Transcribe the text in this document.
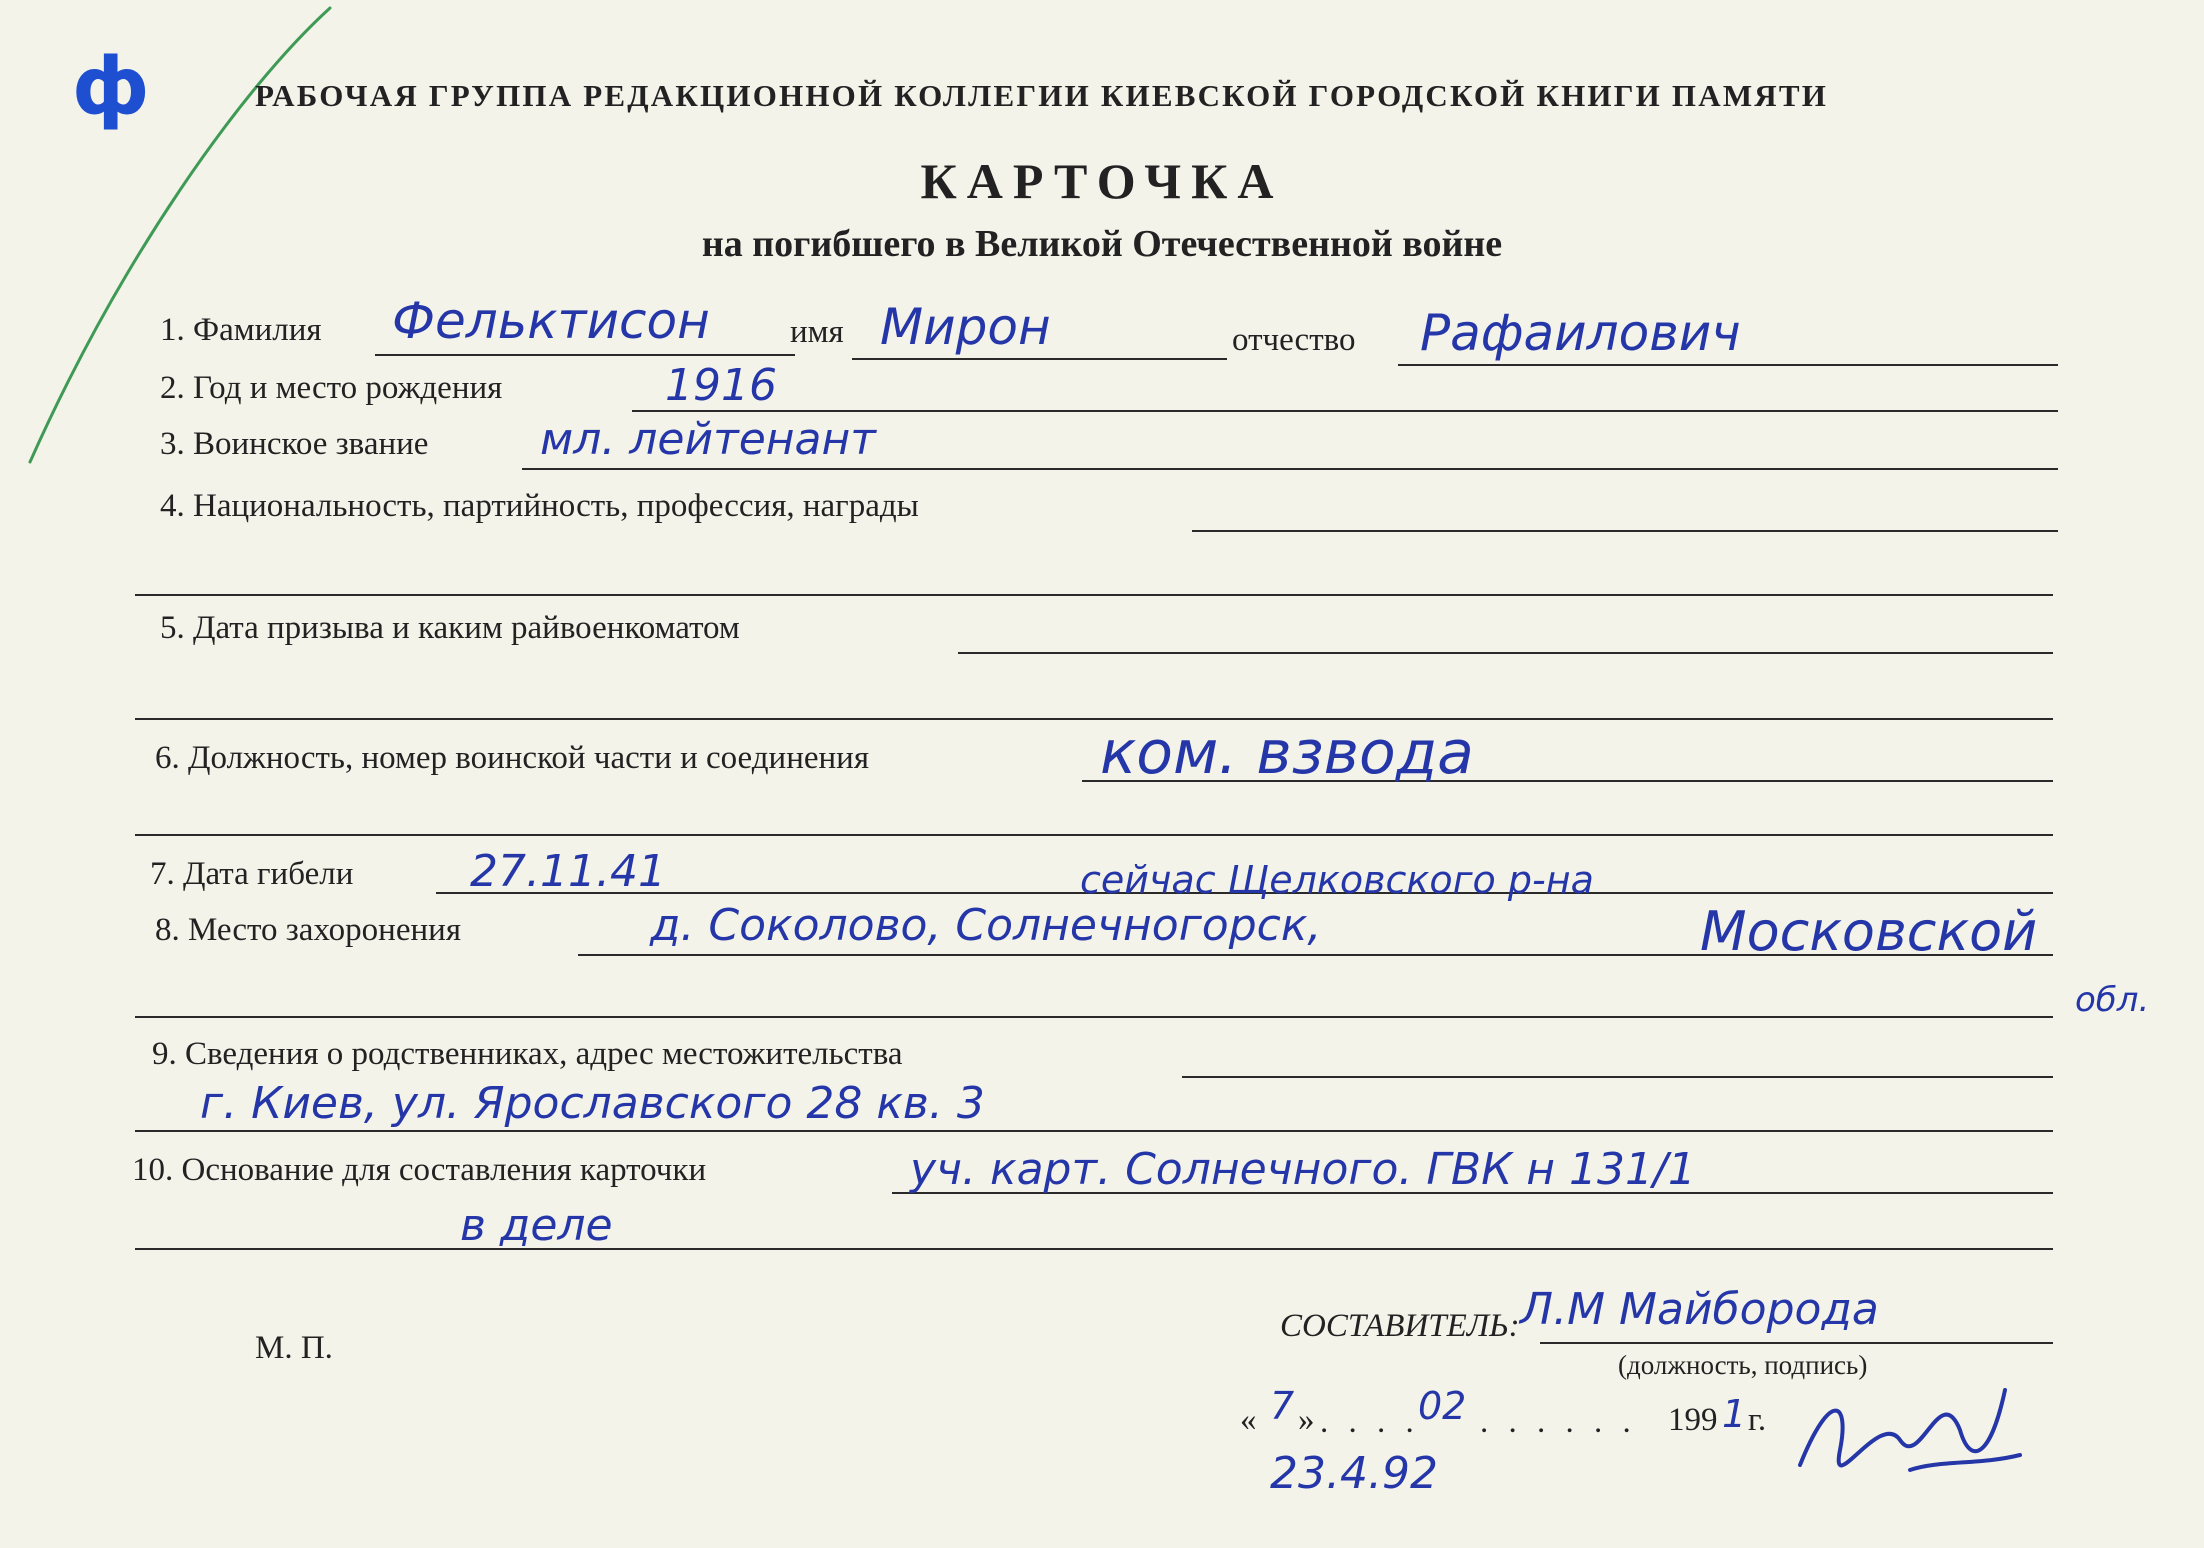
ф	РАБОЧАЯ ГРУППА РЕДАКЦИОННОЙ КОЛЛЕГИИ КИЕВСКОЙ ГОРОДСКОЙ КНИГИ ПАМЯТИ
КАРТОЧКА
на погибшего в Великой Отечественной войне
1. Фамилия	имя	отчество
Фельктисон	Мирон	Рафаилович
2. Год и место рождения	1916
3. Воинское звание	мл. лейтенант
4. Национальность, партийность, профессия, награды
5. Дата призыва и каким райвоенкоматом
6. Должность, номер воинской части и соединения	ком. взвода
7. Дата гибели	27.11.41	сейчас Щелковского р-на
8. Место захоронения	д. Соколово, Солнечногорск,	Московской
обл.
9. Сведения о родственниках, адрес местожительства
г. Киев, ул. Ярославского 28 кв. 3
10. Основание для составления карточки	уч. карт. Солнечного. ГВК н 131/1
в деле
М. П.
СОСТАВИТЕЛЬ: Л.М Майборода
(должность, подпись)
« 7 » . . . .
02 . . . . . . 199 1 г.
23.4.92
